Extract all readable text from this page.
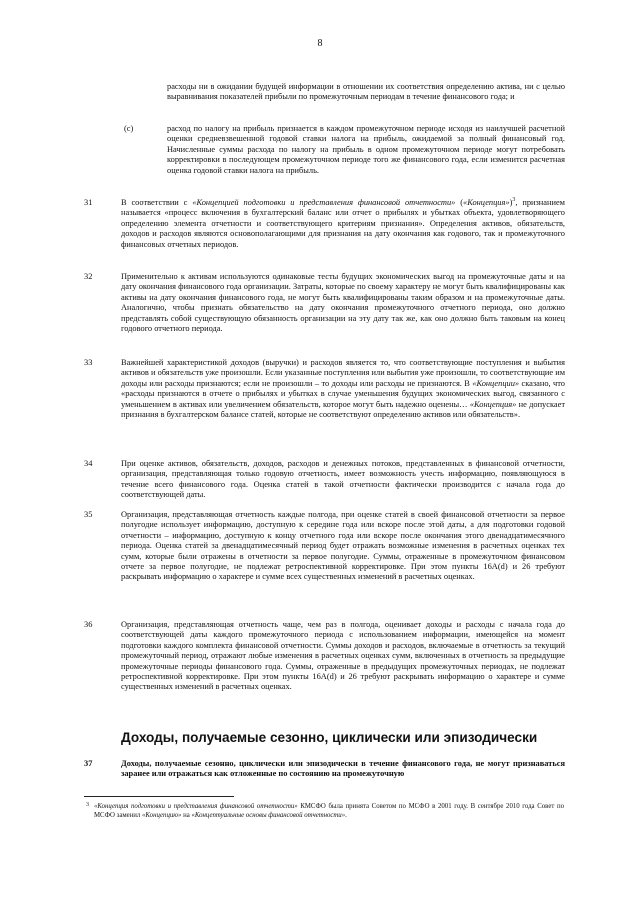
8
расходы ни в ожидании будущей информации в отношении их соответствия определению актива, ни с целью выравнивания показателей прибыли по промежуточным периодам в течение финансового года; и
(c)	расход по налогу на прибыль признается в каждом промежуточном периоде исходя из наилучшей расчетной оценки средневзвешенной годовой ставки налога на прибыль, ожидаемой за полный финансовый год. Начисленные суммы расхода по налогу на прибыль в одном промежуточном периоде могут потребовать корректировки в последующем промежуточном периоде того же финансового года, если изменится расчетная оценка годовой ставки налога на прибыль.
31	В соответствии с «Концепцией подготовки и представления финансовой отчетности» («Концепция»)$^3$, признанием называется «процесс включения в бухгалтерский баланс или отчет о прибылях и убытках объекта, удовлетворяющего определению элемента отчетности и соответствующего критериям признания». Определения активов, обязательств, доходов и расходов являются основополагающими для признания на дату окончания как годового, так и промежуточного финансовых отчетных периодов.
32	Применительно к активам используются одинаковые тесты будущих экономических выгод на промежуточные даты и на дату окончания финансового года организации. Затраты, которые по своему характеру не могут быть квалифицированы как активы на дату окончания финансового года, не могут быть квалифицированы таким образом и на промежуточные даты. Аналогично, чтобы признать обязательство на дату окончания промежуточного отчетного периода, оно должно представлять собой существующую обязанность организации на эту дату так же, как оно должно быть таковым на конец годового отчетного периода.
33	Важнейшей характеристикой доходов (выручки) и расходов является то, что соответствующие поступления и выбытия активов и обязательств уже произошли. Если указанные поступления или выбытия уже произошли, то соответствующие им доходы или расходы признаются; если не произошли – то доходы или расходы не признаются. В «Концепции» сказано, что «расходы признаются в отчете о прибылях и убытках в случае уменьшения будущих экономических выгод, связанного с уменьшением в активах или увеличением обязательств, которое могут быть надежно оценены… «Концепция» не допускает признания в бухгалтерском балансе статей, которые не соответствуют определению активов или обязательств».
34	При оценке активов, обязательств, доходов, расходов и денежных потоков, представленных в финансовой отчетности, организация, представляющая только годовую отчетность, имеет возможность учесть информацию, появляющуюся в течение всего финансового года. Оценка статей в такой отчетности фактически производится с начала года до соответствующей даты.
35	Организация, представляющая отчетность каждые полгода, при оценке статей в своей финансовой отчетности за первое полугодие использует информацию, доступную к середине года или вскоре после этой даты, а для подготовки годовой отчетности – информацию, доступную к концу отчетного года или вскоре после окончания этого двенадцатимесячного периода. Оценка статей за двенадцатимесячный период будет отражать возможные изменения в расчетных оценках тех сумм, которые были отражены в отчетности за первое полугодие. Суммы, отраженные в промежуточном финансовом отчете за первое полугодие, не подлежат ретроспективной корректировке. При этом пункты 16А(d) и 26 требуют раскрывать информацию о характере и сумме всех существенных изменений в расчетных оценках.
36	Организация, представляющая отчетность чаще, чем раз в полгода, оценивает доходы и расходы с начала года до соответствующей даты каждого промежуточного периода с использованием информации, имеющейся на момент подготовки каждого комплекта финансовой отчетности. Суммы доходов и расходов, включаемые в отчетность за текущий промежуточный период, отражают любые изменения в расчетных оценках сумм, включенных в отчетность за предыдущие промежуточные периоды финансового года. Суммы, отраженные в предыдущих промежуточных периодах, не подлежат ретроспективной корректировке. При этом пункты 16А(d) и 26 требуют раскрывать информацию о характере и сумме существенных изменений в расчетных оценках.
Доходы, получаемые сезонно, циклически или эпизодически
37	Доходы, получаемые сезонно, циклически или эпизодически в течение финансового года, не могут признаваться заранее или отражаться как отложенные по состоянию на промежуточную
3 «Концепция подготовки и представления финансовой отчетности» КМСФО была принята Советом по МСФО в 2001 году. В сентябре 2010 года Совет по МСФО заменил «Концепцию» на «Концептуальные основы финансовой отчетности».
